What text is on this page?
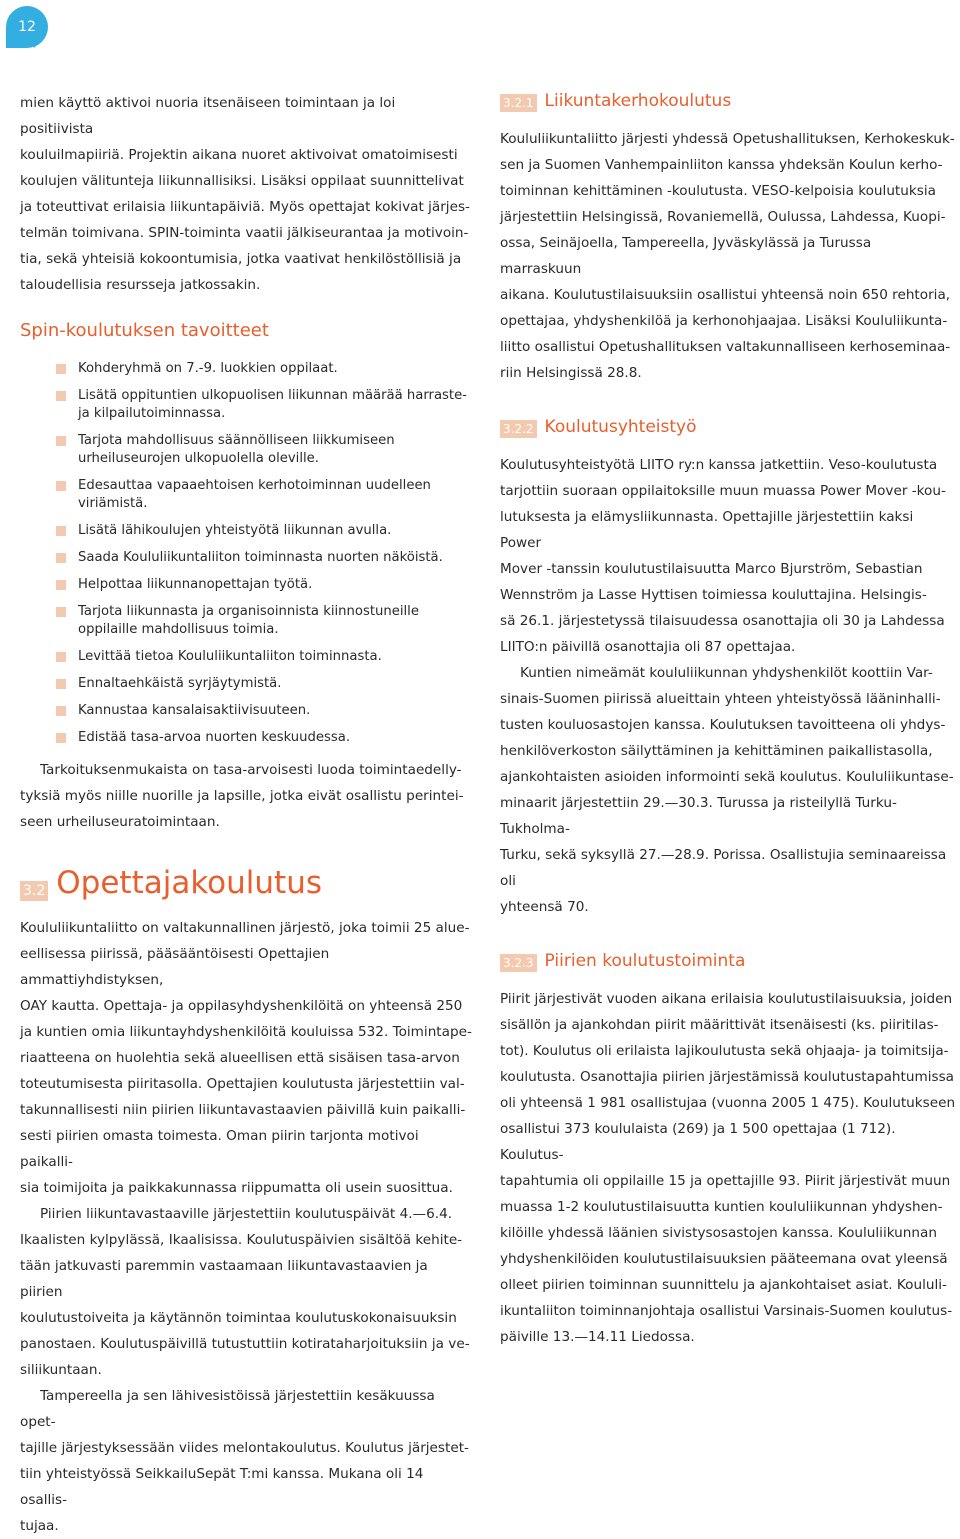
12

mien käyttö aktivoi nuoria itsenäiseen toimintaan ja loi positiivista
kouluilmapiiriä. Projektin aikana nuoret aktivoivat omatoimisesti
koulujen välitunteja liikunnallisiksi. Lisäksi oppilaat suunnittelivat
ja toteuttivat erilaisia liikuntapäiviä. Myös opettajat kokivat järjes-
telmän toimivana. SPIN-toiminta vaatii jälkiseurantaa ja motivoin-
tia, sekä yhteisiä kokoontumisia, jotka vaativat henkilöstöllisiä ja
taloudellisia resursseja jatkossakin.

Spin-koulutuksen tavoitteet
Kohderyhmä on 7.-9. luokkien oppilaat.
Lisätä oppituntien ulkopuolisen liikunnan määrää harraste- ja kilpailutoiminnassa.
Tarjota mahdollisuus säännölliseen liikkumiseen urheiluseurojen ulkopuolella oleville.
Edesauttaa vapaaehtoisen kerhotoiminnan uudelleen viriämistä.
Lisätä lähikoulujen yhteistyötä liikunnan avulla.
Saada Koululiikuntaliiton toiminnasta nuorten näköistä.
Helpottaa liikunnanopettajan työtä.
Tarjota liikunnasta ja organisoinnista kiinnostuneille oppilaille mahdollisuus toimia.
Levittää tietoa Koululiikuntaliiton toiminnasta.
Ennaltaehkäistä syrjäytymistä.
Kannustaa kansalaisaktiivisuuteen.
Edistää tasa-arvoa nuorten keskuudessa.

Tarkoituksenmukaista on tasa-arvoisesti luoda toimintaedelly-
tyksiä myös niille nuorille ja lapsille, jotka eivät osallistu perintei-
seen urheiluseuratoimintaan.

3.2 Opettajakoulutus

Koululiikuntaliitto on valtakunnallinen järjestö, joka toimii 25 alue-
eellisessa piirissä, pääsääntöisesti Opettajien ammattiyhdistyksen,
OAY kautta. Opettaja- ja oppilasyhdyshenkilöitä on yhteensä 250
ja kuntien omia liikuntayhdyshenkilöitä kouluissa 532. Toimintape-
riaatteena on huolehtia sekä alueellisen että sisäisen tasa-arvon
toteutumisesta piiritasolla. Opettajien koulutusta järjestettiin val-
takunnallisesti niin piirien liikuntavastaavien päivillä kuin paikalli-
sesti piirien omasta toimesta. Oman piirin tarjonta motivoi paikalli-
sia toimijoita ja paikkakunnassa riippumatta oli usein suosittua.

Piirien liikuntavastaaville järjestettiin koulutuspäivät 4.—6.4.
Ikaalisten kylpylässä, Ikaalisissa. Koulutuspäivien sisältöä kehite-
tään jatkuvasti paremmin vastaamaan liikuntavastaavien ja piirien
koulutustoiveita ja käytännön toimintaa koulutuskokonaisuuksin
panostaen. Koulutuspäivillä tutustuttiin kotirataharjoituksiin ja ve-
siliikuntaan.

Tampereella ja sen lähivesistöissä järjestettiin kesäkuussa opet-
tajille järjestyksessään viides melontakoulutus. Koulutus järjestet-
tiin yhteistyössä SeikkailuSepät T:mi kanssa. Mukana oli 14 osallis-
tujaa.

3.2.1 Liikuntakerhokoulutus

Koululiikuntaliitto järjesti yhdessä Opetushallituksen, Kerhokeskuk-
sen ja Suomen Vanhempainliiton kanssa yhdeksän Koulun kerho-
toiminnan kehittäminen -koulutusta. VESO-kelpoisia koulutuksia
järjestettiin Helsingissä, Rovaniemellä, Oulussa, Lahdessa, Kuopi-
ossa, Seinäjoella, Tampereella, Jyväskylässä ja Turussa marraskuun
aikana. Koulutustilaisuuksiin osallistui yhteensä noin 650 rehtoria,
opettajaa, yhdyshenkilöä ja kerhonohjaajaa. Lisäksi Koululiikunta-
liitto osallistui Opetushallituksen valtakunnalliseen kerhoseminaa-
riin Helsingissä 28.8.

3.2.2 Koulutusyhteistyö

Koulutusyhteistyötä LIITO ry:n kanssa jatkettiin. Veso-koulutusta
tarjottiin suoraan oppilaitoksille muun muassa Power Mover -kou-
lutuksesta ja elämysliikunnasta. Opettajille järjestettiin kaksi Power
Mover -tanssin koulutustilaisuutta Marco Bjurström, Sebastian
Wennström ja Lasse Hyttisen toimiessa kouluttajina. Helsingis-
sä 26.1. järjestetyssä tilaisuudessa osanottajia oli 30 ja Lahdessa
LIITO:n päivillä osanottajia oli 87 opettajaa.

Kuntien nimeämät koululiikunnan yhdyshenkilöt koottiin Var-
sinais-Suomen piirissä alueittain yhteen yhteistyössä lääninhalli-
tusten kouluosastojen kanssa. Koulutuksen tavoitteena oli yhdys-
henkilöverkoston säilyttäminen ja kehittäminen paikallistasolla,
ajankohtaisten asioiden informointi sekä koulutus. Koululiikuntase-
minaarit järjestettiin 29.—30.3. Turussa ja risteilyllä Turku-Tukholma-
Turku, sekä syksyllä 27.—28.9. Porissa. Osallistujia seminaareissa oli
yhteensä 70.

3.2.3 Piirien koulutustoiminta

Piirit järjestivät vuoden aikana erilaisia koulutustilaisuuksia, joiden
sisällön ja ajankohdan piirit määrittivät itsenäisesti (ks. piiritilas-
tot). Koulutus oli erilaista lajikoulutusta sekä ohjaaja- ja toimitsija-
koulutusta. Osanottajia piirien järjestämissä koulutustapahtumissa
oli yhteensä 1 981 osallistujaa (vuonna 2005 1 475). Koulutukseen
osallistui 373 koululaista (269) ja 1 500 opettajaa (1 712). Koulutus-
tapahtumia oli oppilaille 15 ja opettajille 93. Piirit järjestivät muun
muassa 1-2 koulutustilaisuutta kuntien koululiikunnan yhdyshen-
kilöille yhdessä läänien sivistysosastojen kanssa. Koululiikunnan
yhdyshenkilöiden koulutustilaisuuksien pääteemana ovat yleensä
olleet piirien toiminnan suunnittelu ja ajankohtaiset asiat. Koululi-
ikuntaliiton toiminnanjohtaja osallistui Varsinais-Suomen koulutus-
päiville 13.—14.11 Liedossa.
